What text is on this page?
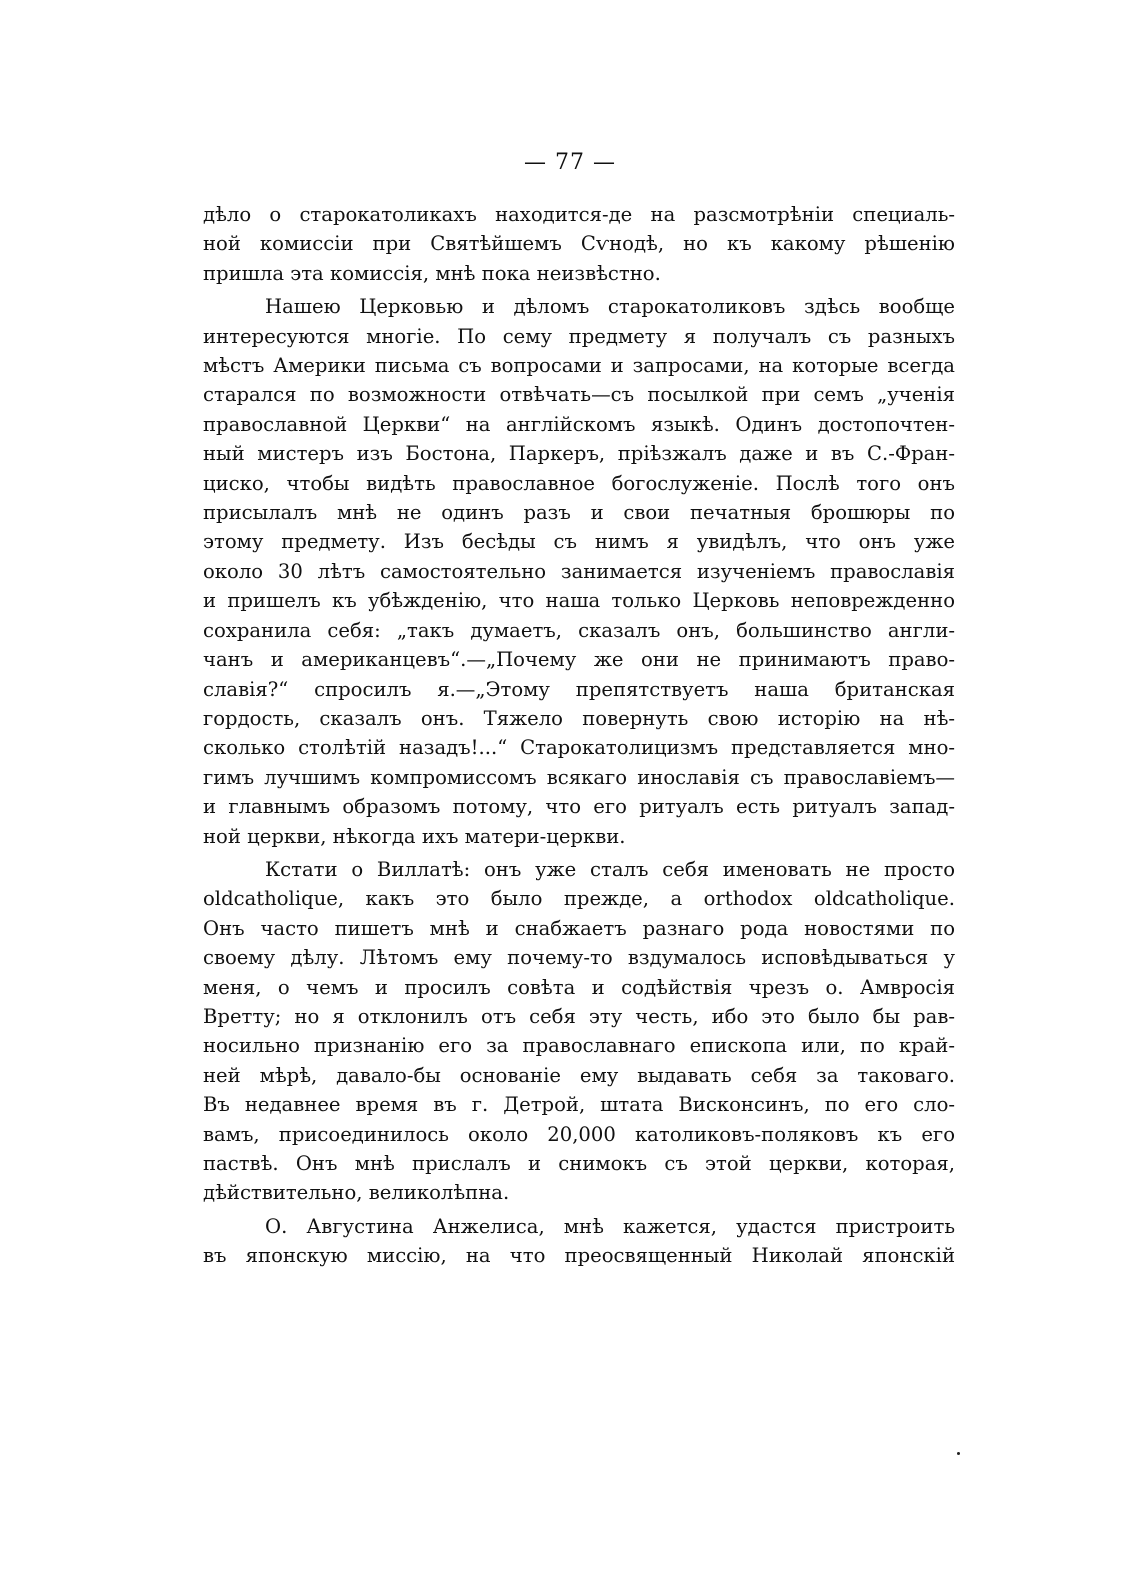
— 77 —
дѣло о старокатоликахъ находится-де на разсмотрѣніи специаль-
ной комиссіи при Святѣйшемъ Сѵнодѣ, но къ какому рѣшенію
пришла эта комиссія, мнѣ пока неизвѣстно.
Нашею Церковью и дѣломъ старокатоликовъ здѣсь вообще
интересуются многіе. По сему предмету я получалъ съ разныхъ
мѣстъ Америки письма съ вопросами и запросами, на которые всегда
старался по возможности отвѣчать—съ посылкой при семъ „ученія
православной Церкви“ на англійскомъ языкѣ. Одинъ достопочтен-
ный мистеръ изъ Бостона, Паркеръ, пріѣзжалъ даже и въ С.-Фран-
циско, чтобы видѣть православное богослуженіе. Послѣ того онъ
присылалъ мнѣ не одинъ разъ и свои печатныя брошюры по
этому предмету. Изъ бесѣды съ нимъ я увидѣлъ, что онъ уже
около 30 лѣтъ самостоятельно занимается изученіемъ православія
и пришелъ къ убѣжденію, что наша только Церковь неповрежденно
сохранила себя: „такъ думаетъ, сказалъ онъ, большинство англи-
чанъ и американцевъ“.—„Почему же они не принимаютъ право-
славія?“ спросилъ я.—„Этому препятствуетъ наша британская
гордость, сказалъ онъ. Тяжело повернуть свою исторію на нѣ-
сколько столѣтій назадъ!...“ Старокатолицизмъ представляется мно-
гимъ лучшимъ компромиссомъ всякаго инославія съ православіемъ—
и главнымъ образомъ потому, что его ритуалъ есть ритуалъ запад-
ной церкви, нѣкогда ихъ матери-церкви.
Кстати о Виллатѣ: онъ уже сталъ себя именовать не просто
oldcatholique, какъ это было прежде, а orthodox oldcatholique.
Онъ часто пишетъ мнѣ и снабжаетъ разнаго рода новостями по
своему дѣлу. Лѣтомъ ему почему-то вздумалось исповѣдываться у
меня, о чемъ и просилъ совѣта и содѣйствія чрезъ о. Амвросія
Вретту; но я отклонилъ отъ себя эту честь, ибо это было бы рав-
носильно признанію его за православнаго епископа или, по край-
ней мѣрѣ, давало-бы основаніе ему выдавать себя за таковаго.
Въ недавнее время въ г. Детрой, штата Висконсинъ, по его сло-
вамъ, присоединилось около 20,000 католиковъ-поляковъ къ его
паствѣ. Онъ мнѣ прислалъ и снимокъ съ этой церкви, которая,
дѣйствительно, великолѣпна.
О. Августина Анжелиса, мнѣ кажется, удастся пристроить
въ японскую миссію, на что преосвященный Николай японскій
